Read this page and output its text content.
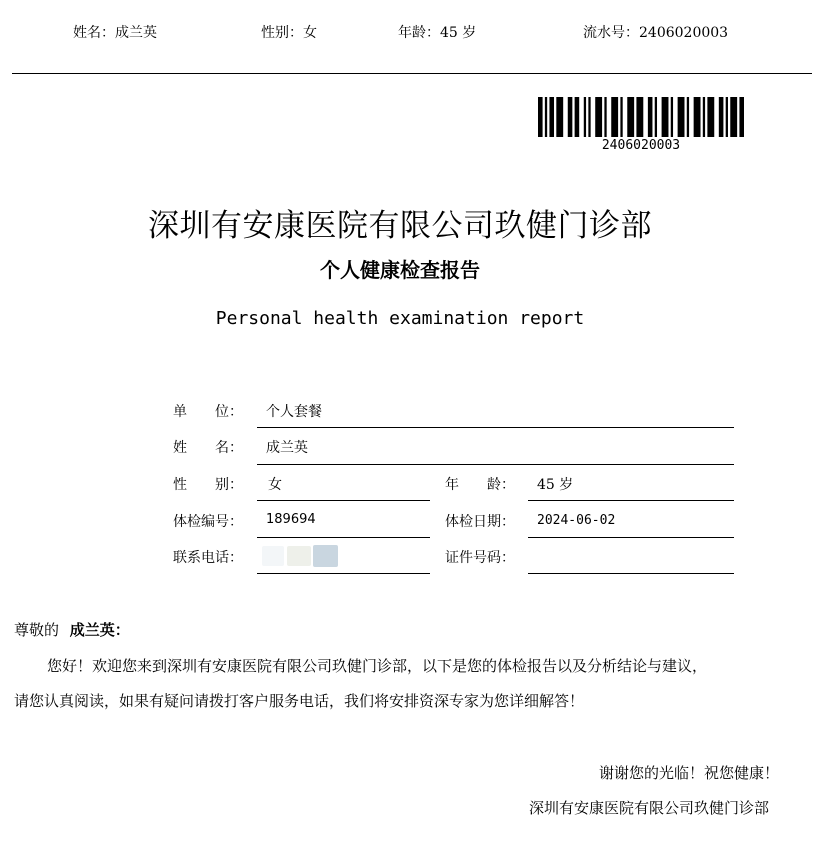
姓名：成兰英	性别：女	年龄：45 岁	流水号：2406020003
2406020003
深圳有安康医院有限公司玖健门诊部
个人健康检查报告
Personal health examination report
单　　位： 个人套餐
姓　　名： 成兰英
性　　别： 女	年　　龄： 45 岁
体检编号： 189694	体检日期： 2024-06-02
联系电话：	证件号码：
尊敬的 成兰英：
您好！欢迎您来到深圳有安康医院有限公司玖健门诊部，以下是您的体检报告以及分析结论与建议，
请您认真阅读，如果有疑问请拨打客户服务电话，我们将安排资深专家为您详细解答！
谢谢您的光临！祝您健康！
深圳有安康医院有限公司玖健门诊部
